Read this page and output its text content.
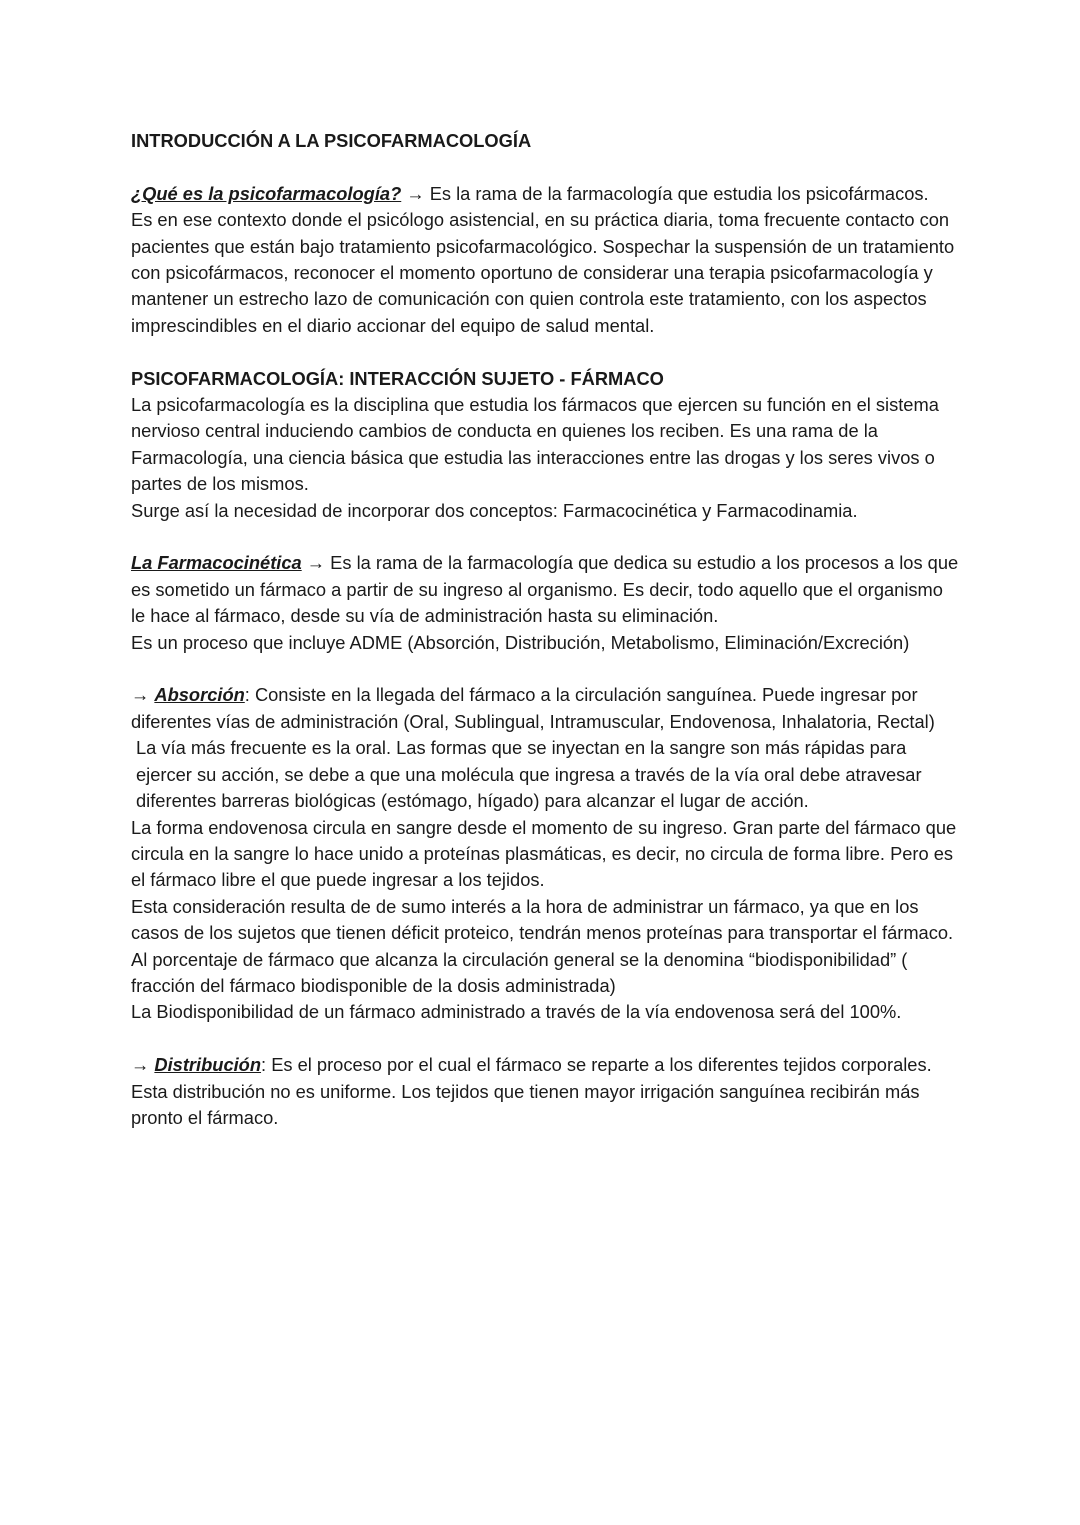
INTRODUCCIÓN A LA PSICOFARMACOLOGÍA

¿Qué es la psicofarmacología? → Es la rama de la farmacología que estudia los psicofármacos.

Es en ese contexto donde el psicólogo asistencial, en su práctica diaria, toma frecuente contacto con pacientes que están bajo tratamiento psicofarmacológico. Sospechar la suspensión de un tratamiento con psicofármacos, reconocer el momento oportuno de considerar una terapia psicofarmacología y mantener un estrecho lazo de comunicación con quien controla este tratamiento, con los aspectos imprescindibles en el diario accionar del equipo de salud mental.

PSICOFARMACOLOGÍA: INTERACCIÓN SUJETO - FÁRMACO

La psicofarmacología es la disciplina que estudia los fármacos que ejercen su función en el sistema nervioso central induciendo cambios de conducta en quienes los reciben. Es una rama de la Farmacología, una ciencia básica que estudia las interacciones entre las drogas y los seres vivos o partes de los mismos.

Surge así la necesidad de incorporar dos conceptos: Farmacocinética y Farmacodinamia.

La Farmacocinética → Es la rama de la farmacología que dedica su estudio a los procesos a los que es sometido un fármaco a partir de su ingreso al organismo. Es decir, todo aquello que el organismo le hace al fármaco, desde su vía de administración hasta su eliminación.

Es un proceso que incluye ADME (Absorción, Distribución, Metabolismo, Eliminación/Excreción)

→ Absorción: Consiste en la llegada del fármaco a la circulación sanguínea. Puede ingresar por diferentes vías de administración (Oral, Sublingual, Intramuscular, Endovenosa, Inhalatoria, Rectal)

La vía más frecuente es la oral. Las formas que se inyectan en la sangre son más rápidas para ejercer su acción, se debe a que una molécula que ingresa a través de la vía oral debe atravesar diferentes barreras biológicas (estómago, hígado) para alcanzar el lugar de acción.

La forma endovenosa circula en sangre desde el momento de su ingreso. Gran parte del fármaco que circula en la sangre lo hace unido a proteínas plasmáticas, es decir, no circula de forma libre. Pero es el fármaco libre el que puede ingresar a los tejidos.

Esta consideración resulta de de sumo interés a la hora de administrar un fármaco, ya que en los casos de los sujetos que tienen déficit proteico, tendrán menos proteínas para transportar el fármaco. Al porcentaje de fármaco que alcanza la circulación general se la denomina “biodisponibilidad” ( fracción del fármaco biodisponible de la dosis administrada)

La Biodisponibilidad de un fármaco administrado a través de la vía endovenosa será del 100%.

→ Distribución: Es el proceso por el cual el fármaco se reparte a los diferentes tejidos corporales. Esta distribución no es uniforme. Los tejidos que tienen mayor irrigación sanguínea recibirán más pronto el fármaco.
